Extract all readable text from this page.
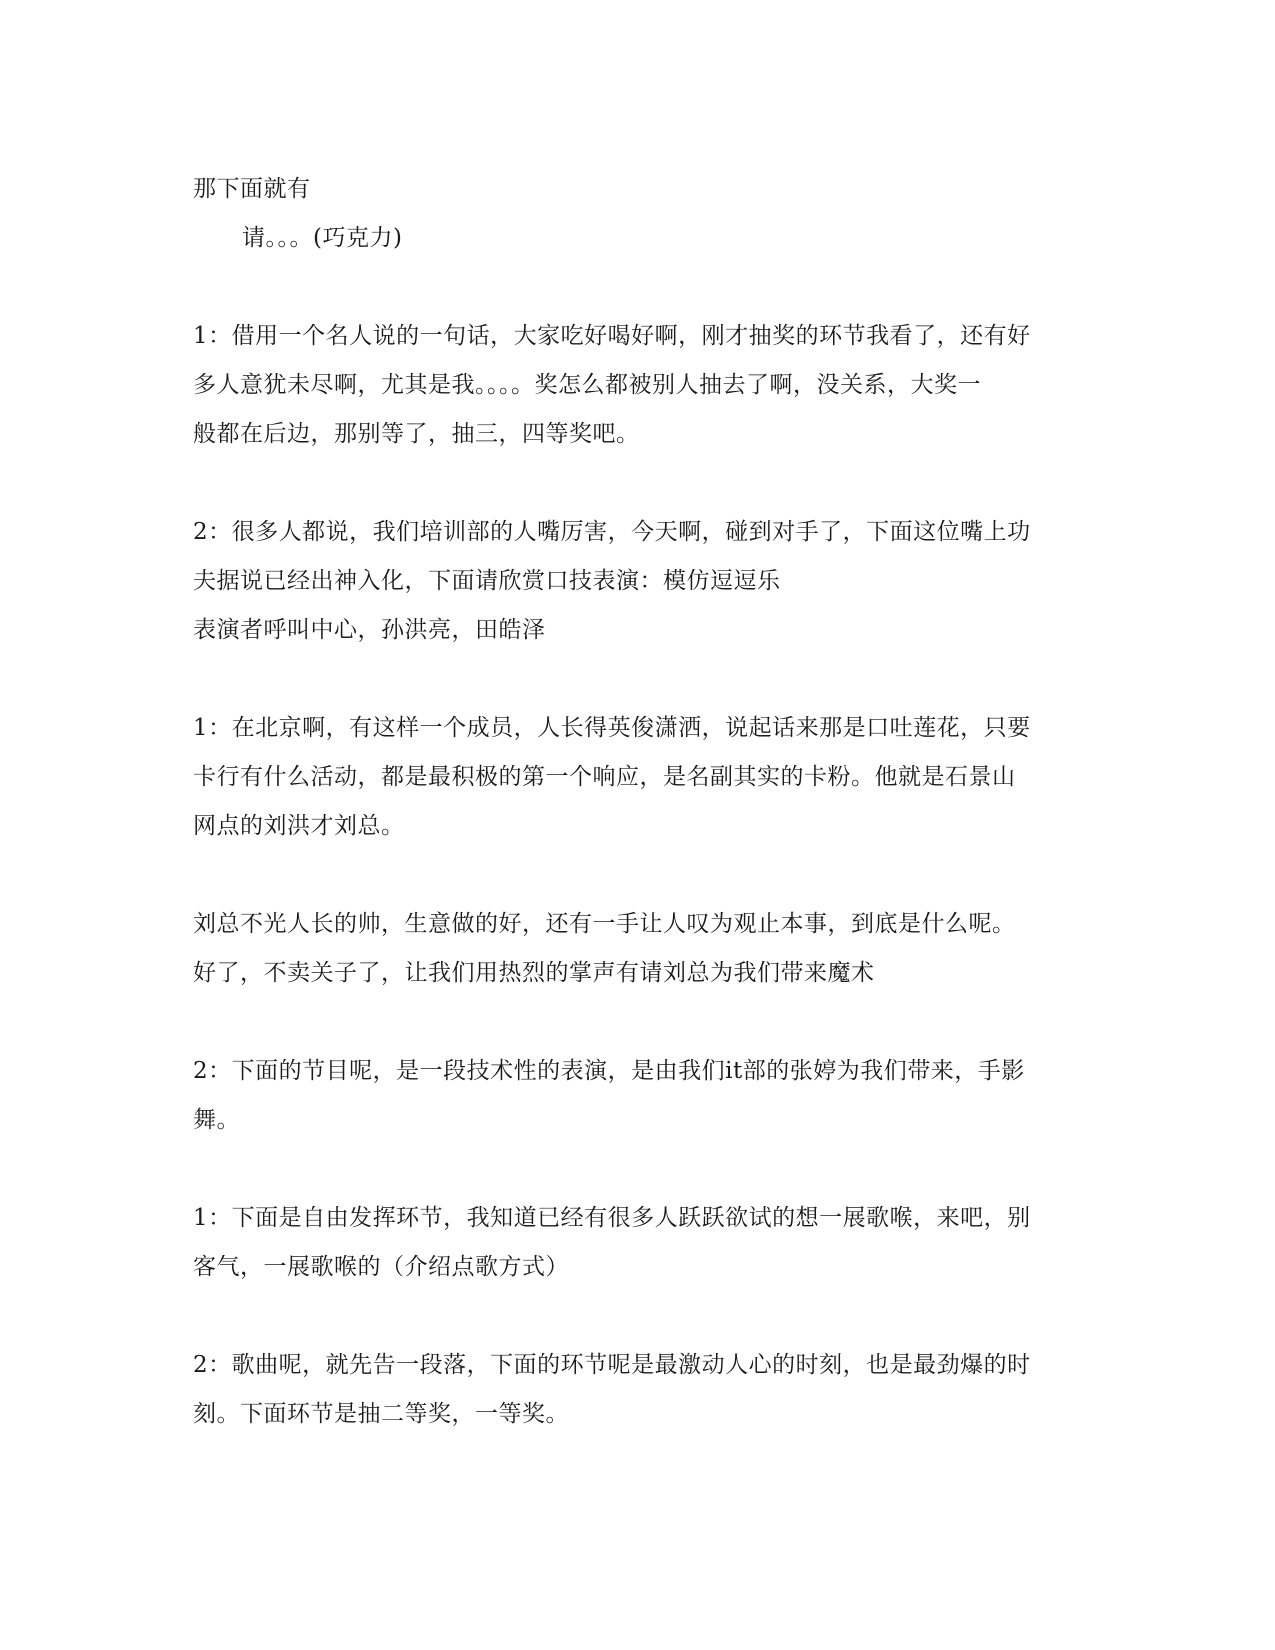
那下面就有
请。。。(巧克力)
1：借用一个名人说的一句话，大家吃好喝好啊，刚才抽奖的环节我看了，还有好
多人意犹未尽啊，尤其是我。。。。奖怎么都被别人抽去了啊，没关系，大奖一
般都在后边，那别等了，抽三，四等奖吧。
2：很多人都说，我们培训部的人嘴厉害，今天啊，碰到对手了，下面这位嘴上功
夫据说已经出神入化，下面请欣赏口技表演：模仿逗逗乐
表演者呼叫中心，孙洪亮，田皓泽
1：在北京啊，有这样一个成员，人长得英俊潇洒，说起话来那是口吐莲花，只要
卡行有什么活动，都是最积极的第一个响应，是名副其实的卡粉。他就是石景山
网点的刘洪才刘总。
刘总不光人长的帅，生意做的好，还有一手让人叹为观止本事，到底是什么呢。
好了，不卖关子了，让我们用热烈的掌声有请刘总为我们带来魔术
2：下面的节目呢，是一段技术性的表演，是由我们it部的张婷为我们带来，手影
舞。
1：下面是自由发挥环节，我知道已经有很多人跃跃欲试的想一展歌喉，来吧，别
客气，一展歌喉的（介绍点歌方式）
2：歌曲呢，就先告一段落，下面的环节呢是最激动人心的时刻，也是最劲爆的时
刻。下面环节是抽二等奖，一等奖。
